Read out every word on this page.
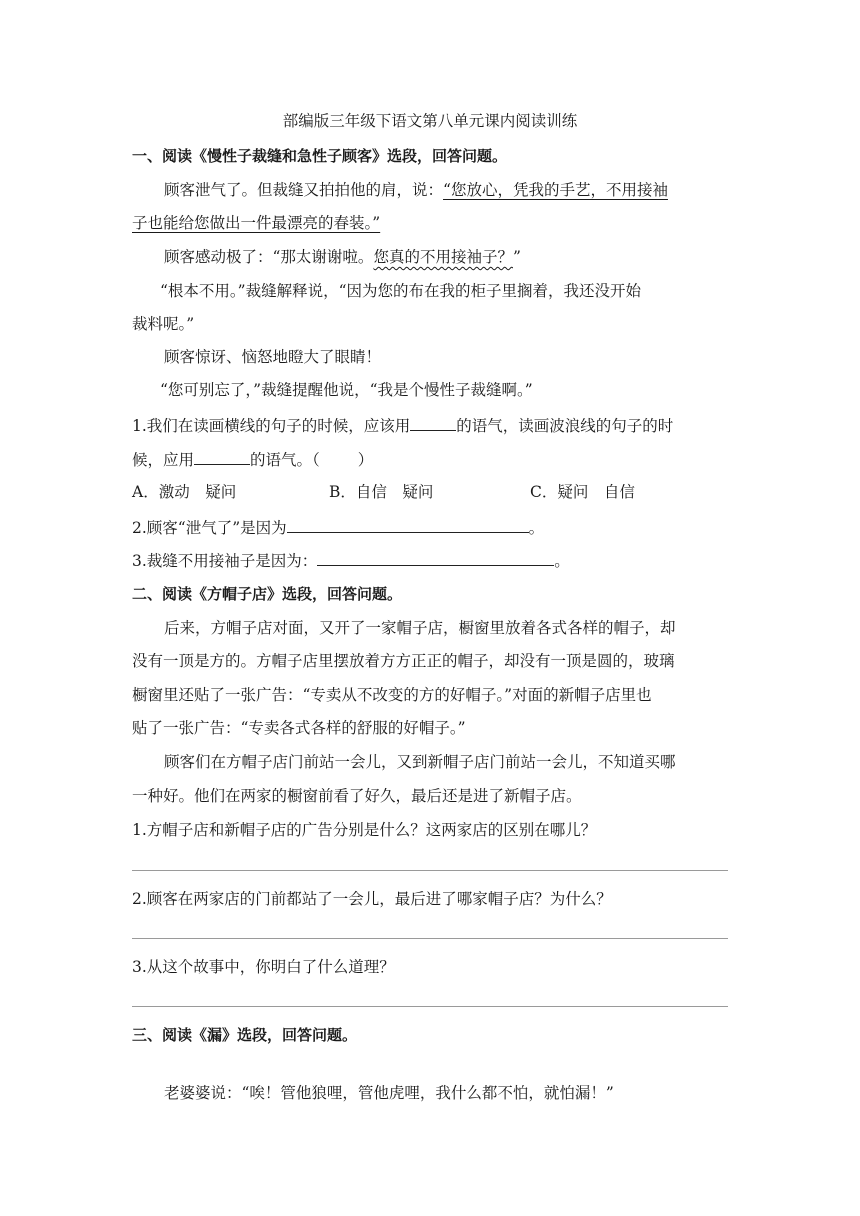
部编版三年级下语文第八单元课内阅读训练
一、阅读《慢性子裁缝和急性子顾客》选段，回答问题。
顾客泄气了。但裁缝又拍拍他的肩，说：“您放心，凭我的手艺，不用接袖
子也能给您做出一件最漂亮的春装。”
顾客感动极了：“那太谢谢啦。您真的不用接袖子？”
“根本不用。”裁缝解释说，“因为您的布在我的柜子里搁着，我还没开始
裁料呢。”
顾客惊讶、恼怒地瞪大了眼睛！
“您可别忘了，”裁缝提醒他说，“我是个慢性子裁缝啊。”
1.我们在读画横线的句子的时候，应该用	的语气，读画波浪线的句子的时
候，应用	的语气。（ ）
A．激动　疑问	B．自信　疑问	C．疑问　自信
2.顾客“泄气了”是因为	。
3.裁缝不用接袖子是因为：	。
二、阅读《方帽子店》选段，回答问题。
后来，方帽子店对面，又开了一家帽子店，橱窗里放着各式各样的帽子，却
没有一顶是方的。方帽子店里摆放着方方正正的帽子，却没有一顶是圆的，玻璃
橱窗里还贴了一张广告：“专卖从不改变的方的好帽子。”对面的新帽子店里也
贴了一张广告：“专卖各式各样的舒服的好帽子。”
顾客们在方帽子店门前站一会儿，又到新帽子店门前站一会儿，不知道买哪
一种好。他们在两家的橱窗前看了好久，最后还是进了新帽子店。
1.方帽子店和新帽子店的广告分别是什么？这两家店的区别在哪儿？
2.顾客在两家店的门前都站了一会儿，最后进了哪家帽子店？为什么？
3.从这个故事中，你明白了什么道理？
三、阅读《漏》选段，回答问题。
老婆婆说：“唉！管他狼哩，管他虎哩，我什么都不怕，就怕漏！”
